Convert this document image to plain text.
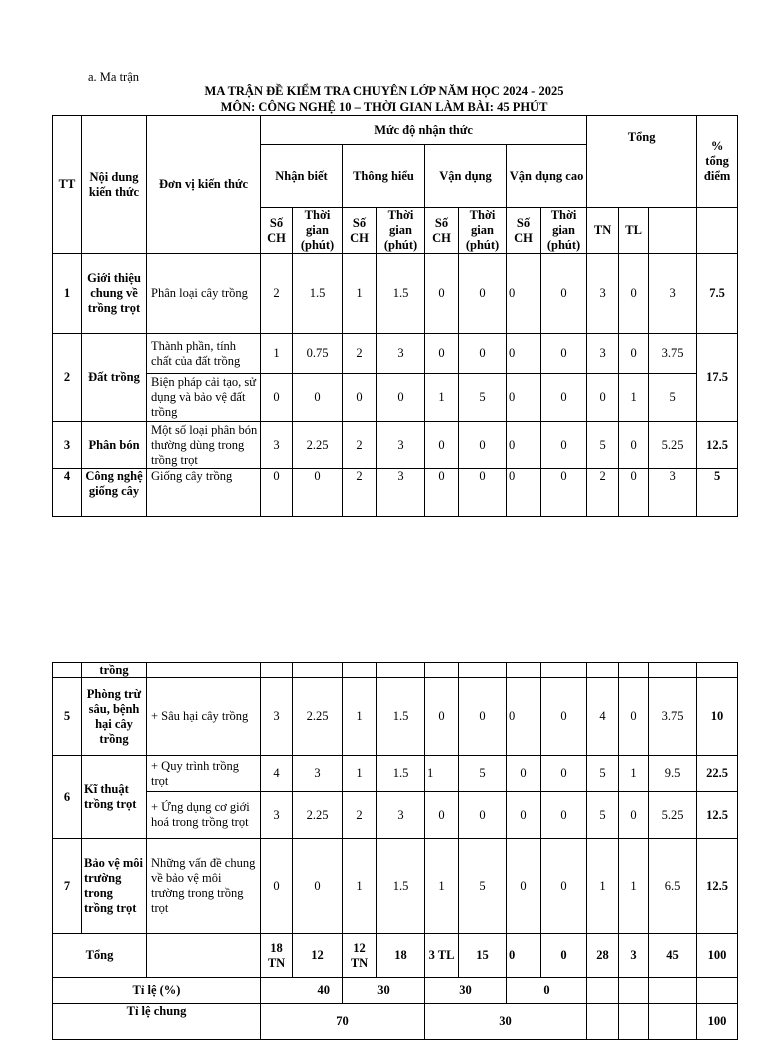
a. Ma trận
MA TRẬN ĐỀ KIỂM TRA CHUYÊN LỚP NĂM HỌC 2024 - 2025
MÔN: CÔNG NGHỆ 10 – THỜI GIAN LÀM BÀI: 45 PHÚT
TT	Nội dung kiến thức	Đơn vị kiến thức	Mức độ nhận thức								Tổng			% tổng điểm
			Nhận biết		Thông hiểu		Vận dụng		Vận dụng cao					
			Số CH	Thời gian (phút)	Số CH	Thời gian (phút)	Số CH	Thời gian (phút)	Số CH	Thời gian (phút)	TN	TL		
1	Giới thiệu chung về trồng trọt	Phân loại cây trồng	2	1.5	1	1.5	0	0	0	0	3	0	3	7.5
2	Đất trồng	Thành phần, tính chất của đất trồng	1	0.75	2	3	0	0	0	0	3	0	3.75	17.5
		Biện pháp cải tạo, sử dụng và bảo vệ đất trồng	0	0	0	0	1	5	0	0	0	1	5	
3	Phân bón	Một số loại phân bón thường dùng trong trồng trọt	3	2.25	2	3	0	0	0	0	5	0	5.25	12.5
4	Công nghệ giống cây	Giống cây trồng	0	0	2	3	0	0	0	0	2	0	3	5
	trồng													
5	Phòng trừ sâu, bệnh hại cây trồng	+ Sâu hại cây trồng	3	2.25	1	1.5	0	0	0	0	4	0	3.75	10
6	Kĩ thuật trồng trọt	+ Quy trình trồng trọt	4	3	1	1.5	1	5	0	0	5	1	9.5	22.5
		+ Ứng dụng cơ giới hoá trong trồng trọt	3	2.25	2	3	0	0	0	0	5	0	5.25	12.5
7	Bảo vệ môi trường trong trồng trọt	Những vấn đề chung về bảo vệ môi trường trong trồng trọt	0	0	1	1.5	1	5	0	0	1	1	6.5	12.5
Tổng			18 TN	12	12 TN	18	3 TL	15	0	0	28	3	45	100
Tỉ lệ (%)			40		30		30		0					
Tỉ lệ chung			70				30							100
